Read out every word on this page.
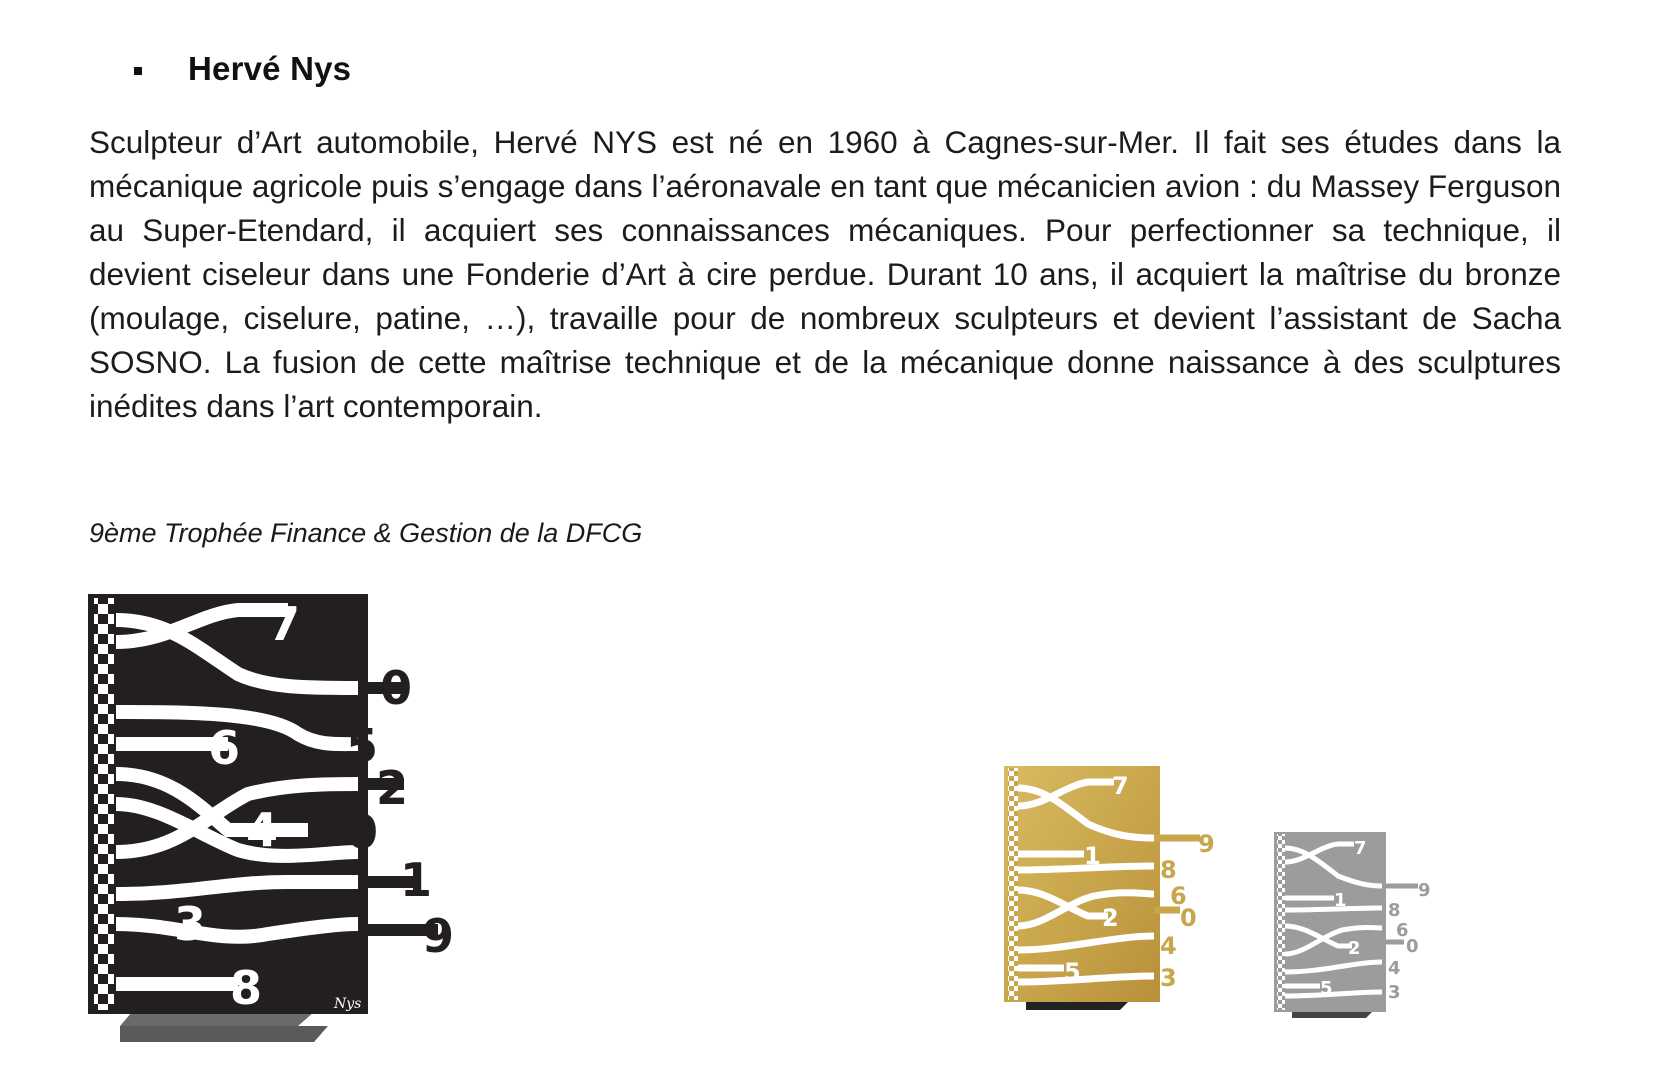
Hervé Nys

Sculpteur d’Art automobile, Hervé NYS est né en 1960 à Cagnes-sur-Mer. Il fait ses études dans la mécanique agricole puis s’engage dans l’aéronavale en tant que mécanicien avion : du Massey Ferguson au Super-Etendard, il acquiert ses connaissances mécaniques. Pour perfectionner sa technique, il devient ciseleur dans une Fonderie d’Art à cire perdue. Durant 10 ans, il acquiert la maîtrise du bronze (moulage, ciselure, patine, …), travaille pour de nombreux sculpteurs et devient l’assistant de Sacha SOSNO. La fusion de cette maîtrise technique et de la mécanique donne naissance à des sculptures inédites dans l’art contemporain.

9ème Trophée Finance & Gestion de la DFCG
7
6
4
3
8
0
5
2
0
1
9
Nys
7
1
2
5
9
8
6
0
4
3
7
1
2
5
9
8
6
0
4
3
